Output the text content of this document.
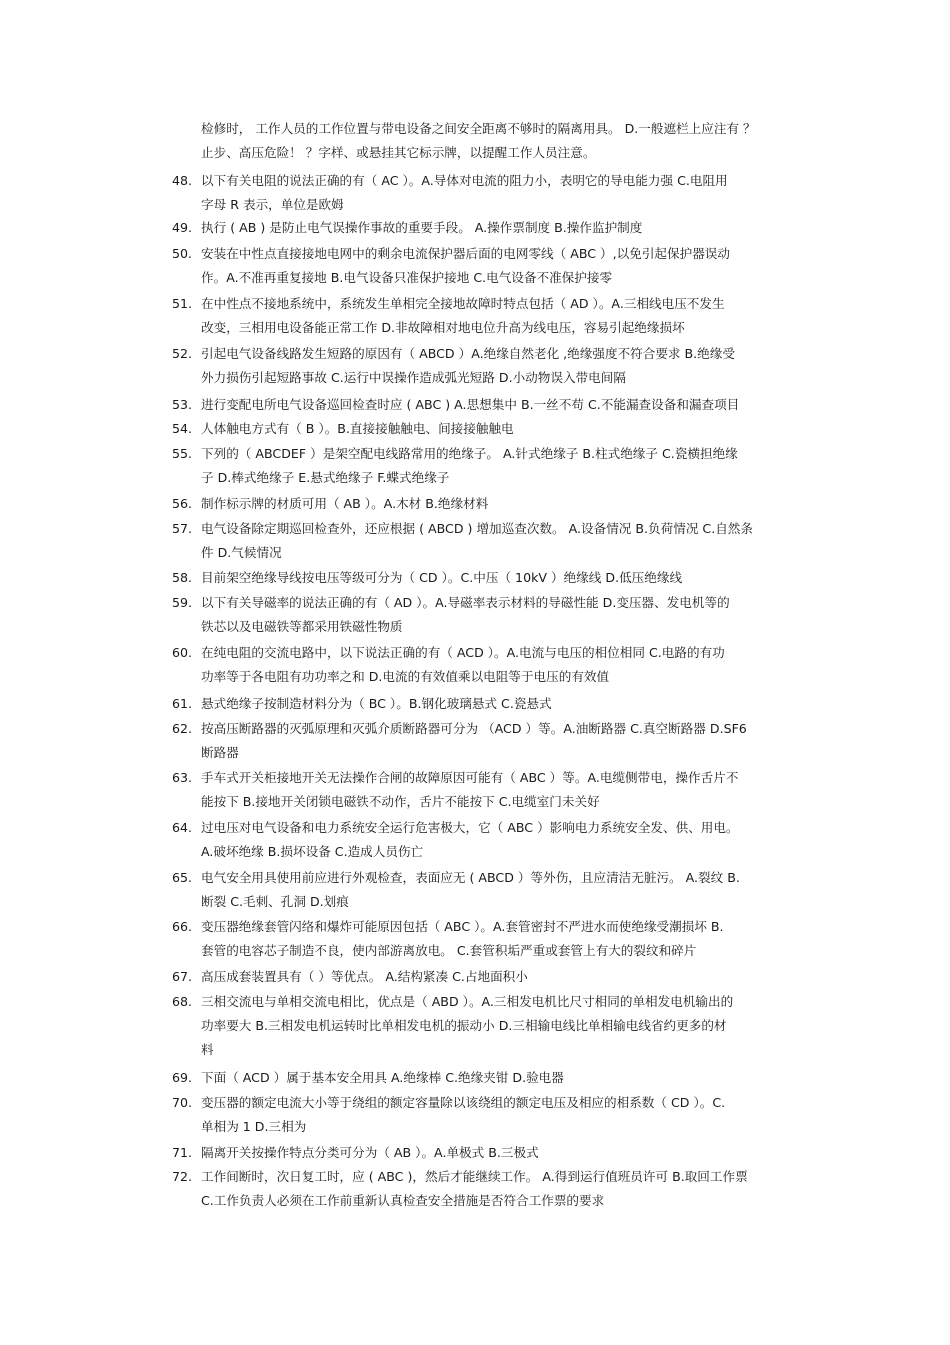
检修时， 工作人员的工作位置与带电设备之间安全距离不够时的隔离用具。 D.一般遮栏上应注有 ？
止步、高压危险！ ？字样、或悬挂其它标示牌，以提醒工作人员注意。
48. 以下有关电阻的说法正确的有（ AC ）。A.导体对电流的阻力小，表明它的导电能力强 C.电阻用
字母 R 表示，单位是欧姆
49. 执行 ( AB ) 是防止电气误操作事故的重要手段。 A.操作票制度 B.操作监护制度
50. 安装在中性点直接接地电网中的剩余电流保护器后面的电网零线（ ABC ）,以免引起保护器误动
作。A.不准再重复接地 B.电气设备只准保护接地 C.电气设备不准保护接零
51. 在中性点不接地系统中，系统发生单相完全接地故障时特点包括（ AD ）。A.三相线电压不发生
改变，三相用电设备能正常工作 D.非故障相对地电位升高为线电压，容易引起绝缘损坏
52. 引起电气设备线路发生短路的原因有（ ABCD ）A.绝缘自然老化 ,绝缘强度不符合要求 B.绝缘受
外力损伤引起短路事故 C.运行中误操作造成弧光短路 D.小动物误入带电间隔
53. 进行变配电所电气设备巡回检查时应 ( ABC ) A.思想集中 B.一丝不苟 C.不能漏查设备和漏查项目
54. 人体触电方式有（ B ）。B.直接接触触电、间接接触触电
55. 下列的（ ABCDEF ）是架空配电线路常用的绝缘子。 A.针式绝缘子 B.柱式绝缘子 C.瓷横担绝缘
子 D.棒式绝缘子 E.悬式绝缘子 F.蝶式绝缘子
56. 制作标示牌的材质可用（ AB ）。A.木材 B.绝缘材料
57. 电气设备除定期巡回检查外，还应根据 ( ABCD ) 增加巡查次数。 A.设备情况 B.负荷情况 C.自然条
件 D.气候情况
58. 目前架空绝缘导线按电压等级可分为（ CD ）。C.中压（ 10kV ）绝缘线 D.低压绝缘线
59. 以下有关导磁率的说法正确的有（ AD ）。A.导磁率表示材料的导磁性能 D.变压器、发电机等的
铁芯以及电磁铁等都采用铁磁性物质
60. 在纯电阻的交流电路中，以下说法正确的有（ ACD ）。A.电流与电压的相位相同 C.电路的有功
功率等于各电阻有功功率之和 D.电流的有效值乘以电阻等于电压的有效值
61. 悬式绝缘子按制造材料分为（ BC ）。B.钢化玻璃悬式 C.瓷悬式
62. 按高压断路器的灭弧原理和灭弧介质断路器可分为 （ACD ）等。A.油断路器 C.真空断路器 D.SF6
断路器
63. 手车式开关柜接地开关无法操作合闸的故障原因可能有（ ABC ）等。A.电缆侧带电，操作舌片不
能按下 B.接地开关闭锁电磁铁不动作，舌片不能按下 C.电缆室门未关好
64. 过电压对电气设备和电力系统安全运行危害极大，它（ ABC ）影响电力系统安全发、供、用电。
A.破坏绝缘 B.损坏设备 C.造成人员伤亡
65. 电气安全用具使用前应进行外观检查，表面应无 ( ABCD ）等外伤，且应清洁无脏污。 A.裂纹 B.
断裂 C.毛刺、孔洞 D.划痕
66. 变压器绝缘套管闪络和爆炸可能原因包括（ ABC ）。A.套管密封不严进水而使绝缘受潮损坏 B.
套管的电容芯子制造不良，使内部游离放电。 C.套管积垢严重或套管上有大的裂纹和碎片
67. 高压成套装置具有（ ）等优点。 A.结构紧凑 C.占地面积小
68. 三相交流电与单相交流电相比，优点是（ ABD ）。A.三相发电机比尺寸相同的单相发电机输出的
功率要大 B.三相发电机运转时比单相发电机的振动小 D.三相输电线比单相输电线省约更多的材
料
69. 下面（ ACD ）属于基本安全用具 A.绝缘棒 C.绝缘夹钳 D.验电器
70. 变压器的额定电流大小等于绕组的额定容量除以该绕组的额定电压及相应的相系数（ CD ）。C.
单相为 1 D.三相为
71. 隔离开关按操作特点分类可分为（ AB ）。A.单极式 B.三极式
72. 工作间断时，次日复工时，应 ( ABC )，然后才能继续工作。 A.得到运行值班员许可 B.取回工作票
C.工作负责人必须在工作前重新认真检查安全措施是否符合工作票的要求
